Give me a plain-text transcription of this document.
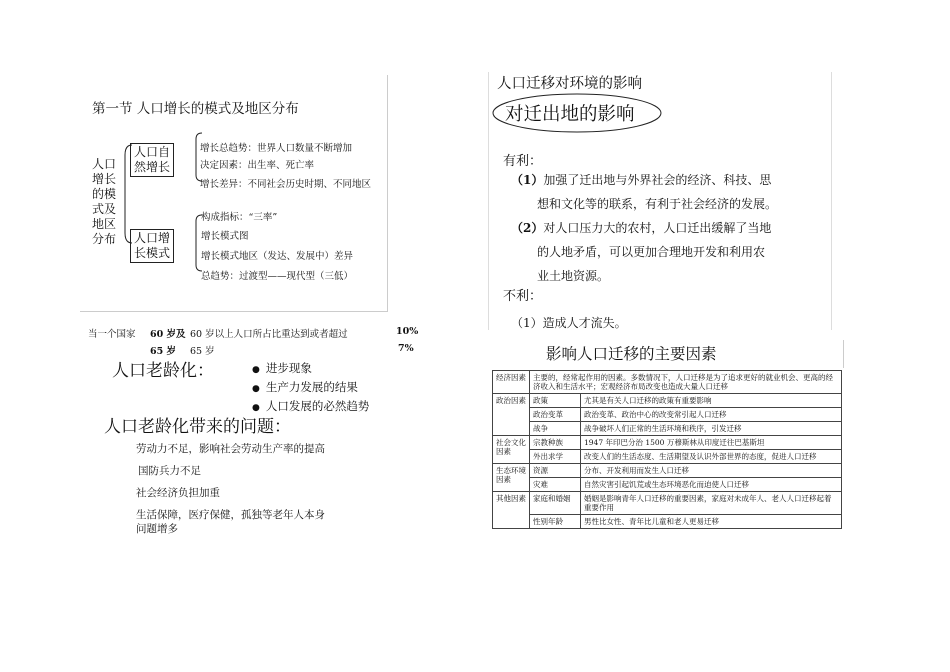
第一节 人口增长的模式及地区分布
人口
增长
的模
式及
地区
分布
人口自
然增长
增长总趋势：世界人口数量不断增加
决定因素：出生率、死亡率
增长差异：不同社会历史时期、不同地区
人口增
长模式
构成指标：“三率”
增长模式图
增长模式地区（发达、发展中）差异
总趋势：过渡型——现代型（三低）
当一个国家 60 岁及 60 岁以上人口所占比重达到或者超过	10%
65 岁 65 岁	7%
人口老龄化：	● 进步现象
● 生产力发展的结果
● 人口发展的必然趋势
人口老龄化带来的问题：
劳动力不足，影响社会劳动生产率的提高
国防兵力不足
社会经济负担加重
生活保障，医疗保健，孤独等老年人本身
问题增多
人口迁移对环境的影响
对迁出地的影响
有利：
（1）加强了迁出地与外界社会的经济、科技、思
想和文化等的联系，有利于社会经济的发展。
（2）对人口压力大的农村，人口迁出缓解了当地
的人地矛盾，可以更加合理地开发和利用农
业土地资源。
不利：
（1）造成人才流失。
影响人口迁移的主要因素
经济因素	主要的，经常起作用的因素。多数情况下，人口迁移是为了追求更好的就业机会、更高的经济收入和生活水平；宏观经济布局改变也造成大量人口迁移	
政治因素	政策	尤其是有关人口迁移的政策有重要影响
	政治变革	政治变革、政治中心的改变常引起人口迁移
	战争	战争破坏人们正常的生活环境和秩序，引发迁移
社会文化因素	宗教种族	1947 年印巴分治 1500 万穆斯林从印度迁往巴基斯坦
	外出求学	改变人们的生活态度、生活期望及认识外部世界的态度，促进人口迁移
生态环境因素	资源	分布、开发利用而发生人口迁移
	灾难	自然灾害引起饥荒或生态环境恶化而迫使人口迁移
其他因素	家庭和婚姻	婚姻是影响青年人口迁移的重要因素，家庭对未成年人、老人人口迁移起着重要作用
	性别年龄	男性比女性、青年比儿童和老人更易迁移
